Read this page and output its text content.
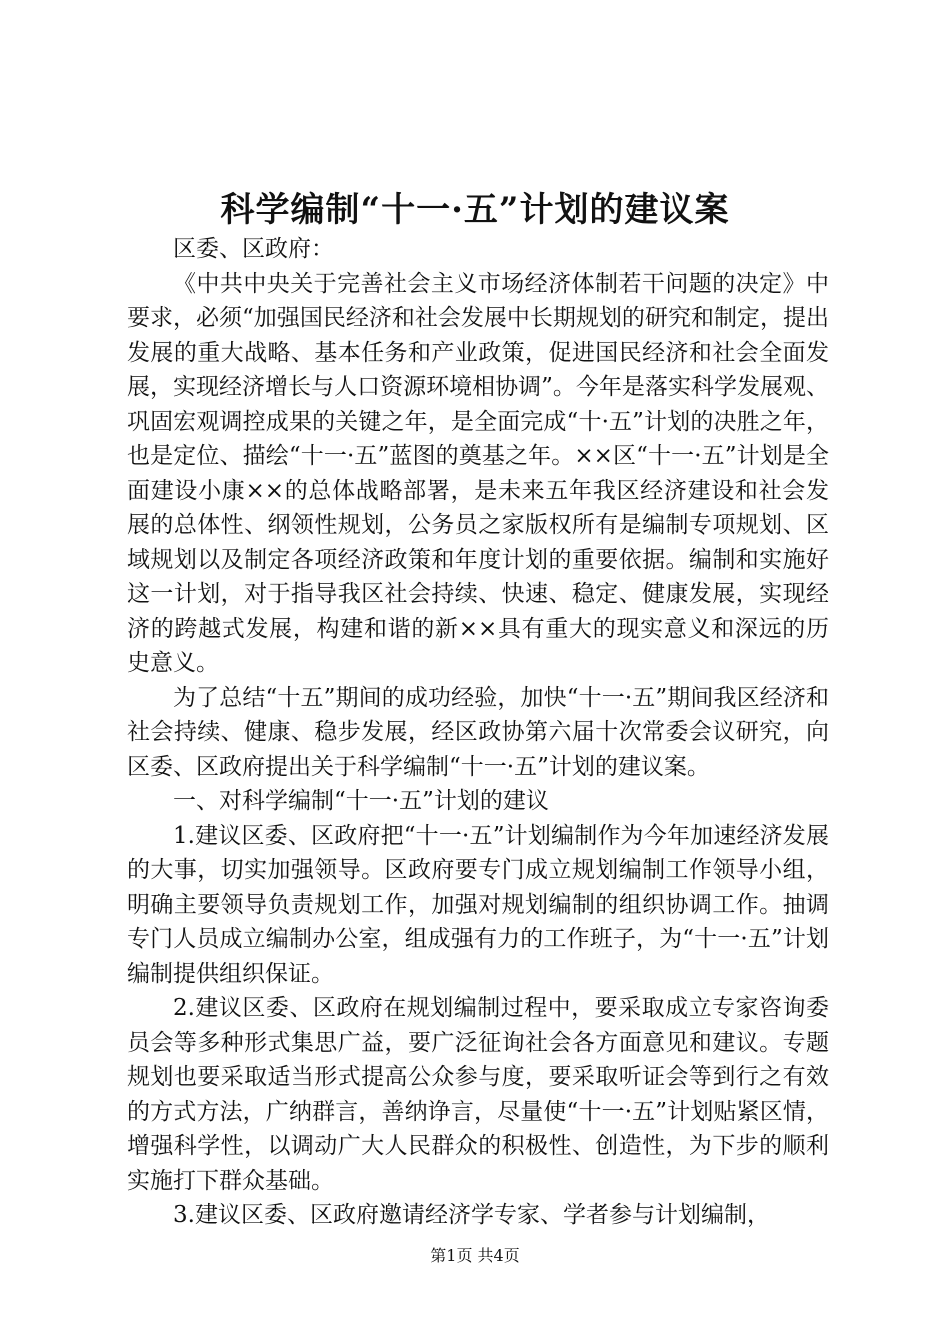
科学编制“十一·五”计划的建议案

区委、区政府：

《中共中央关于完善社会主义市场经济体制若干问题的决定》中要求，必须“加强国民经济和社会发展中长期规划的研究和制定，提出发展的重大战略、基本任务和产业政策，促进国民经济和社会全面发展，实现经济增长与人口资源环境相协调”。今年是落实科学发展观、巩固宏观调控成果的关键之年，是全面完成“十·五”计划的决胜之年，也是定位、描绘“十一·五”蓝图的奠基之年。××区“十一·五”计划是全面建设小康××的总体战略部署，是未来五年我区经济建设和社会发展的总体性、纲领性规划，公务员之家版权所有是编制专项规划、区域规划以及制定各项经济政策和年度计划的重要依据。编制和实施好这一计划，对于指导我区社会持续、快速、稳定、健康发展，实现经济的跨越式发展，构建和谐的新××具有重大的现实意义和深远的历史意义。

为了总结“十五”期间的成功经验，加快“十一·五”期间我区经济和社会持续、健康、稳步发展，经区政协第六届十次常委会议研究，向区委、区政府提出关于科学编制“十一·五”计划的建议案。

一、对科学编制“十一·五”计划的建议

1.建议区委、区政府把“十一·五”计划编制作为今年加速经济发展的大事，切实加强领导。区政府要专门成立规划编制工作领导小组，明确主要领导负责规划工作，加强对规划编制的组织协调工作。抽调专门人员成立编制办公室，组成强有力的工作班子，为“十一·五”计划编制提供组织保证。

2.建议区委、区政府在规划编制过程中，要采取成立专家咨询委员会等多种形式集思广益，要广泛征询社会各方面意见和建议。专题规划也要采取适当形式提高公众参与度，要采取听证会等到行之有效的方式方法，广纳群言，善纳诤言，尽量使“十一·五”计划贴紧区情，增强科学性，以调动广大人民群众的积极性、创造性，为下步的顺利实施打下群众基础。

3.建议区委、区政府邀请经济学专家、学者参与计划编制，

第1页 共4页
